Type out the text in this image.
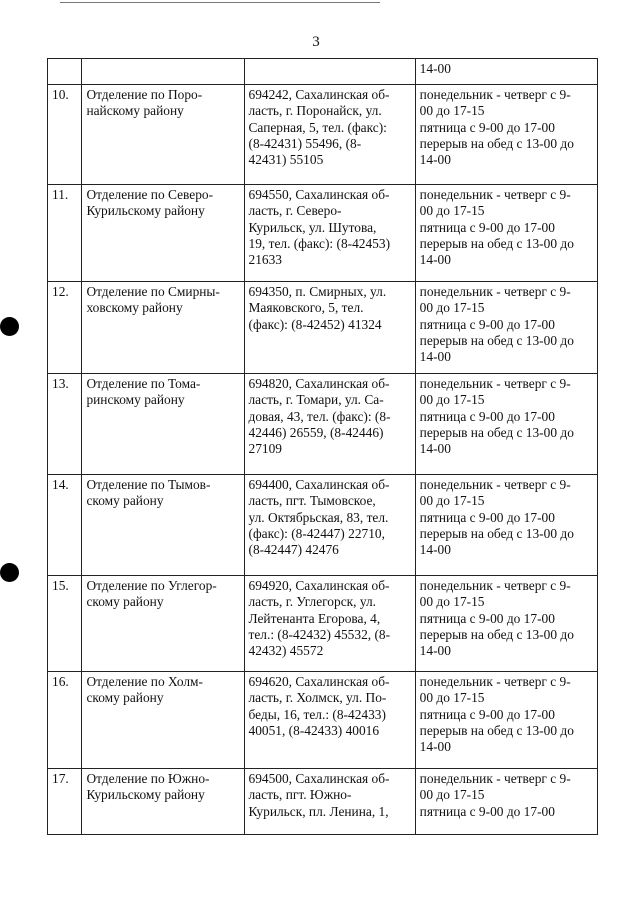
3

			14-00

10.	Отделение по Поро-
найскому району	694242, Сахалинская об-
ласть, г. Поронайск, ул.
Саперная, 5, тел. (факс):
(8-42431) 55496, (8-
42431) 55105	понедельник - четверг с 9-
00 до 17-15
пятница с 9-00 до 17-00
перерыв на обед с 13-00 до
14-00

11.	Отделение по Северо-
Курильскому району	694550, Сахалинская об-
ласть, г. Северо-
Курильск, ул. Шутова,
19, тел. (факс): (8-42453)
21633	понедельник - четверг с 9-
00 до 17-15
пятница с 9-00 до 17-00
перерыв на обед с 13-00 до
14-00

12.	Отделение по Смирны-
ховскому району	694350, п. Смирных, ул.
Маяковского, 5, тел.
(факс): (8-42452) 41324	понедельник - четверг с 9-
00 до 17-15
пятница с 9-00 до 17-00
перерыв на обед с 13-00 до
14-00

13.	Отделение по Тома-
ринскому району	694820, Сахалинская об-
ласть, г. Томари, ул. Са-
довая, 43, тел. (факс): (8-
42446) 26559, (8-42446)
27109	понедельник - четверг с 9-
00 до 17-15
пятница с 9-00 до 17-00
перерыв на обед с 13-00 до
14-00

14.	Отделение по Тымов-
скому району	694400, Сахалинская об-
ласть, пгт. Тымовское,
ул. Октябрьская, 83, тел.
(факс): (8-42447) 22710,
(8-42447) 42476	понедельник - четверг с 9-
00 до 17-15
пятница с 9-00 до 17-00
перерыв на обед с 13-00 до
14-00

15.	Отделение по Углегор-
скому району	694920, Сахалинская об-
ласть, г. Углегорск, ул.
Лейтенанта Егорова, 4,
тел.: (8-42432) 45532, (8-
42432) 45572	понедельник - четверг с 9-
00 до 17-15
пятница с 9-00 до 17-00
перерыв на обед с 13-00 до
14-00

16.	Отделение по Холм-
скому району	694620, Сахалинская об-
ласть, г. Холмск, ул. По-
беды, 16, тел.: (8-42433)
40051, (8-42433) 40016	понедельник - четверг с 9-
00 до 17-15
пятница с 9-00 до 17-00
перерыв на обед с 13-00 до
14-00

17.	Отделение по Южно-
Курильскому району	694500, Сахалинская об-
ласть, пгт. Южно-
Курильск, пл. Ленина, 1,	понедельник - четверг с 9-
00 до 17-15
пятница с 9-00 до 17-00
